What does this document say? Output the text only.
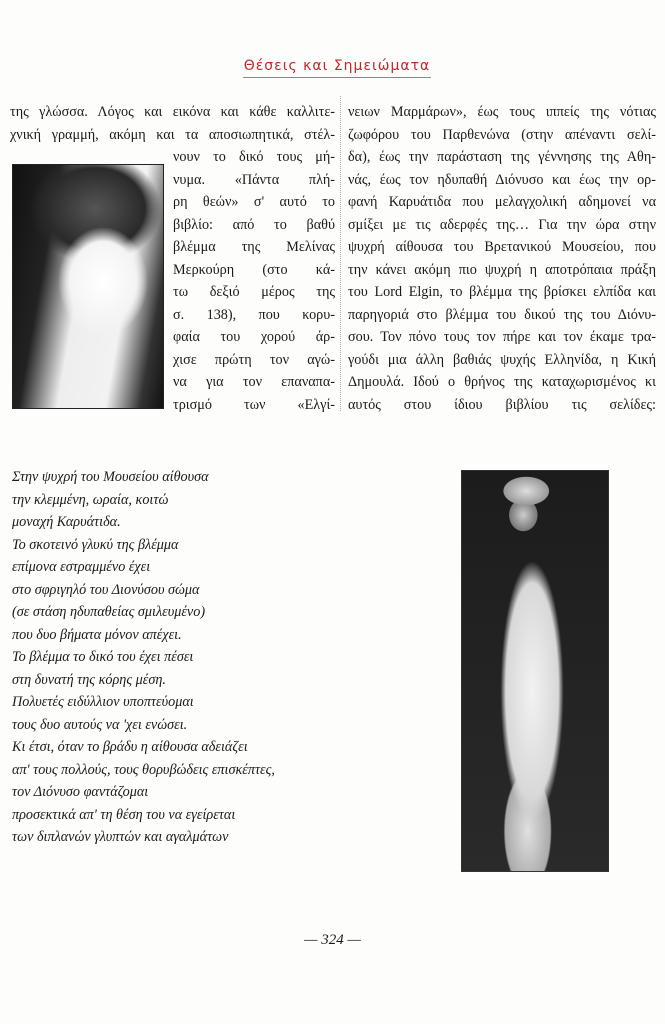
Θέσεις και Σημειώματα
της γλώσσα. Λόγος και εικόνα και κάθε καλλιτε-
χνική γραμμή, ακόμη και τα αποσιωπητικά, στέλ-
νουν το δικό τους μή-
νυμα. «Πάντα πλή-
ρη θεών» σ' αυτό το
βιβλίο: από το βαθύ
βλέμμα της Μελίνας
Μερκούρη (στο κά-
τω δεξιό μέρος της
σ. 138), που κορυ-
φαία του χορού άρ-
χισε πρώτη τον αγώ-
να για τον επαναπα-
τρισμό των «Ελγί-
νειων Μαρμάρων», έως τους ιππείς της νότιας
ζωφόρου του Παρθενώνα (στην απέναντι σελί-
δα), έως την παράσταση της γέννησης της Αθη-
νάς, έως τον ηδυπαθή Διόνυσο και έως την ορ-
φανή Καρυάτιδα που μελαγχολική αδημονεί να
σμίξει με τις αδερφές της… Για την ώρα στην
ψυχρή αίθουσα του Βρετανικού Μουσείου, που
την κάνει ακόμη πιο ψυχρή η αποτρόπαια πράξη
του Lord Elgin, το βλέμμα της βρίσκει ελπίδα και
παρηγοριά στο βλέμμα του δικού της του Διόνυ-
σου. Τον πόνο τους τον πήρε και τον έκαμε τρα-
γούδι μια άλλη βαθιάς ψυχής Ελληνίδα, η Κική
Δημουλά. Ιδού ο θρήνος της καταχωρισμένος κι
αυτός στου ίδιου βιβλίου τις σελίδες:
Στην ψυχρή του Μουσείου αίθουσα
την κλεμμένη, ωραία, κοιτώ
μοναχή Καρυάτιδα.
Το σκοτεινό γλυκύ της βλέμμα
επίμονα εστραμμένο έχει
στο σφριγηλό του Διονύσου σώμα
(σε στάση ηδυπαθείας σμιλευμένο)
που δυο βήματα μόνον απέχει.
Το βλέμμα το δικό του έχει πέσει
στη δυνατή της κόρης μέση.
Πολυετές ειδύλλιον υποπτεύομαι
τους δυο αυτούς να 'χει ενώσει.
Κι έτσι, όταν το βράδυ η αίθουσα αδειάζει
απ' τους πολλούς, τους θορυβώδεις επισκέπτες,
τον Διόνυσο φαντάζομαι
προσεκτικά απ' τη θέση του να εγείρεται
των διπλανών γλυπτών και αγαλμάτων
— 324 —
